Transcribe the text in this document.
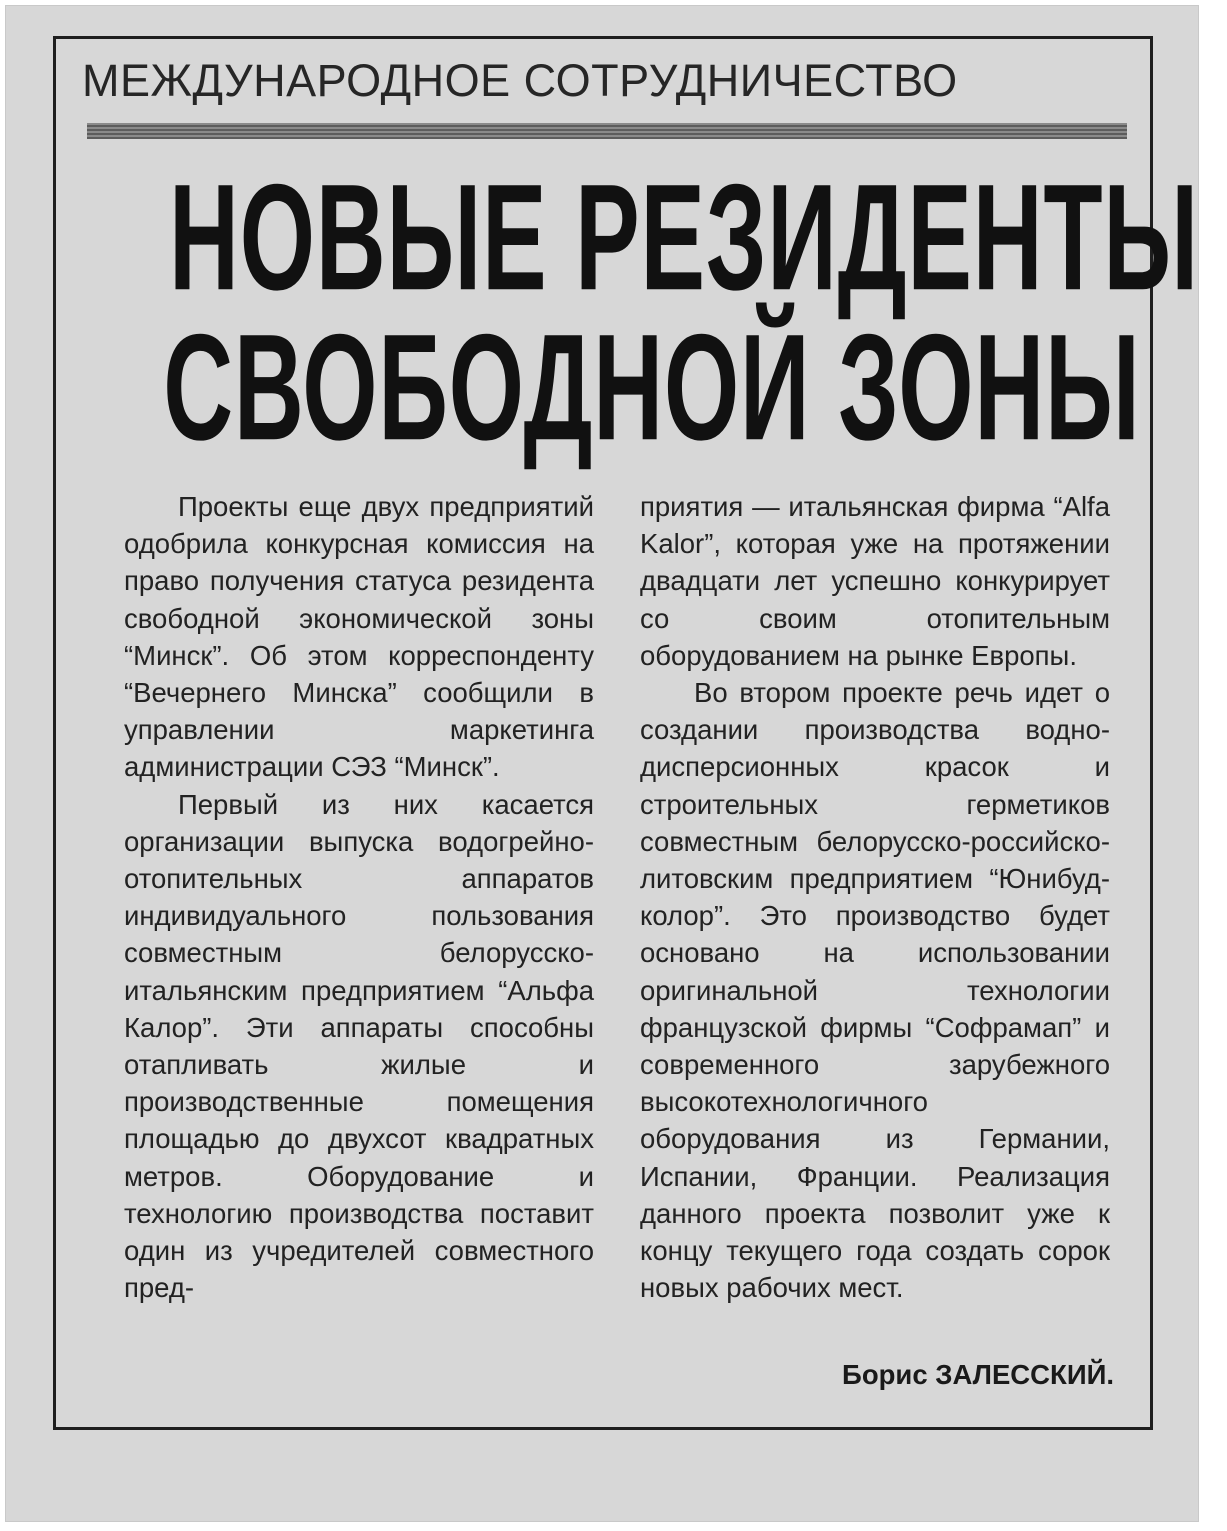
МЕЖДУНАРОДНОЕ СОТРУДНИЧЕСТВО
НОВЫЕ РЕЗИДЕНТЫ
СВОБОДНОЙ ЗОНЫ

Проекты еще двух предприятий одобрила конкурсная комиссия на право получения статуса резидента свободной экономической зоны “Минск”. Об этом корреспонденту “Вечернего Минска” сообщили в управлении маркетинга администрации СЭЗ “Минск”.

Первый из них касается организации выпуска водогрейно-отопительных аппаратов индивидуального пользования совместным белорусско-итальянским предприятием “Альфа Калор”. Эти аппараты способны отапливать жилые и производственные помещения площадью до двухсот квадратных метров. Оборудование и технологию производства поставит один из учредителей совместного пред-

приятия — итальянская фирма “Alfa Kalor”, которая уже на протяжении двадцати лет успешно конкурирует со своим отопительным оборудованием на рынке Европы.

Во втором проекте речь идет о создании производства водно-дисперсионных красок и строительных герметиков совместным белорусско-российско-литовским предприятием “Юнибуд-колор”. Это производство будет основано на использовании оригинальной технологии французской фирмы “Софрамап” и современного зарубежного высокотехнологичного оборудования из Германии, Испании, Франции. Реализация данного проекта позволит уже к концу текущего года создать сорок новых рабочих мест.

Борис ЗАЛЕССКИЙ.
